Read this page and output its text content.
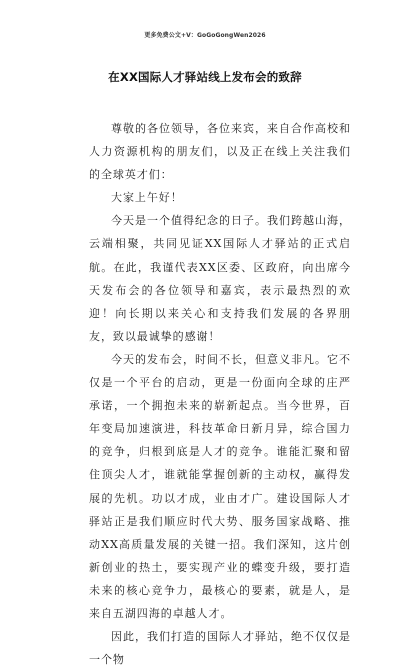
更多免费公文+V：GoGoGongWen2026
在XX国际人才驿站线上发布会的致辞

尊敬的各位领导，各位来宾，来自合作高校和人力资源机构的朋友们，以及正在线上关注我们的全球英才们：

大家上午好！

今天是一个值得纪念的日子。我们跨越山海，云端相聚，共同见证XX国际人才驿站的正式启航。在此，我谨代表XX区委、区政府，向出席今天发布会的各位领导和嘉宾，表示最热烈的欢迎！向长期以来关心和支持我们发展的各界朋友，致以最诚挚的感谢！

今天的发布会，时间不长，但意义非凡。它不仅是一个平台的启动，更是一份面向全球的庄严承诺，一个拥抱未来的崭新起点。当今世界，百年变局加速演进，科技革命日新月异，综合国力的竞争，归根到底是人才的竞争。谁能汇聚和留住顶尖人才，谁就能掌握创新的主动权，赢得发展的先机。功以才成，业由才广。建设国际人才驿站正是我们顺应时代大势、服务国家战略、推动XX高质量发展的关键一招。我们深知，这片创新创业的热土，要实现产业的蝶变升级，要打造未来的核心竞争力，最核心的要素，就是人，是来自五湖四海的卓越人才。

因此，我们打造的国际人才驿站，绝不仅仅是一个物
